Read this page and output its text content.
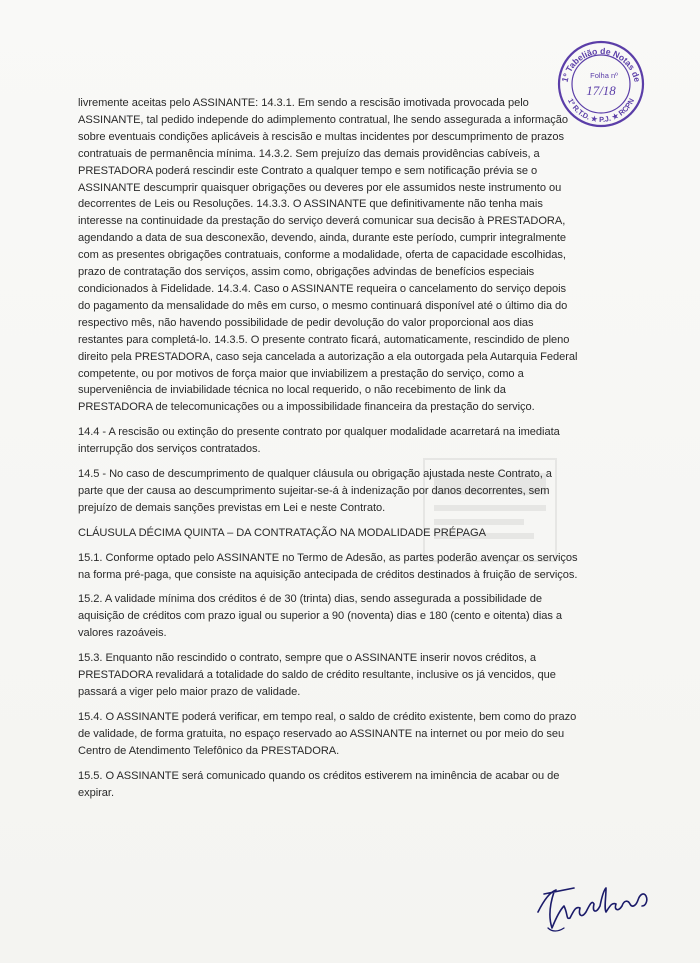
1º Tabelião de Notas de
1º R.T.D. ★ P.J. ★ RCPN
Folha nº
17/18

livremente aceitas pelo ASSINANTE: 14.3.1. Em sendo a rescisão imotivada provocada pelo ASSINANTE, tal pedido independe do adimplemento contratual, lhe sendo assegurada a informação sobre eventuais condições aplicáveis à rescisão e multas incidentes por descumprimento de prazos contratuais de permanência mínima. 14.3.2. Sem prejuízo das demais providências cabíveis, a PRESTADORA poderá rescindir este Contrato a qualquer tempo e sem notificação prévia se o ASSINANTE descumprir quaisquer obrigações ou deveres por ele assumidos neste instrumento ou decorrentes de Leis ou Resoluções. 14.3.3. O ASSINANTE que definitivamente não tenha mais interesse na continuidade da prestação do serviço deverá comunicar sua decisão à PRESTADORA, agendando a data de sua desconexão, devendo, ainda, durante este período, cumprir integralmente com as presentes obrigações contratuais, conforme a modalidade, oferta de capacidade escolhidas, prazo de contratação dos serviços, assim como, obrigações advindas de benefícios especiais condicionados à Fidelidade. 14.3.4. Caso o ASSINANTE requeira o cancelamento do serviço depois do pagamento da mensalidade do mês em curso, o mesmo continuará disponível até o último dia do respectivo mês, não havendo possibilidade de pedir devolução do valor proporcional aos dias restantes para completá-lo. 14.3.5. O presente contrato ficará, automaticamente, rescindido de pleno direito pela PRESTADORA, caso seja cancelada a autorização a ela outorgada pela Autarquia Federal competente, ou por motivos de força maior que inviabilizem a prestação do serviço, como a superveniência de inviabilidade técnica no local requerido, o não recebimento de link da PRESTADORA de telecomunicações ou a impossibilidade financeira da prestação do serviço.

14.4 - A rescisão ou extinção do presente contrato por qualquer modalidade acarretará na imediata interrupção dos serviços contratados.

14.5 - No caso de descumprimento de qualquer cláusula ou obrigação ajustada neste Contrato, a parte que der causa ao descumprimento sujeitar-se-á à indenização por danos decorrentes, sem prejuízo de demais sanções previstas em Lei e neste Contrato.

CLÁUSULA DÉCIMA QUINTA – DA CONTRATAÇÃO NA MODALIDADE PRÉPAGA

15.1. Conforme optado pelo ASSINANTE no Termo de Adesão, as partes poderão avençar os serviços na forma pré-paga, que consiste na aquisição antecipada de créditos destinados à fruição de serviços.

15.2. A validade mínima dos créditos é de 30 (trinta) dias, sendo assegurada a possibilidade de aquisição de créditos com prazo igual ou superior a 90 (noventa) dias e 180 (cento e oitenta) dias a valores razoáveis.

15.3. Enquanto não rescindido o contrato, sempre que o ASSINANTE inserir novos créditos, a PRESTADORA revalidará a totalidade do saldo de crédito resultante, inclusive os já vencidos, que passará a viger pelo maior prazo de validade.

15.4. O ASSINANTE poderá verificar, em tempo real, o saldo de crédito existente, bem como do prazo de validade, de forma gratuita, no espaço reservado ao ASSINANTE na internet ou por meio do seu Centro de Atendimento Telefônico da PRESTADORA.

15.5. O ASSINANTE será comunicado quando os créditos estiverem na iminência de acabar ou de expirar.
